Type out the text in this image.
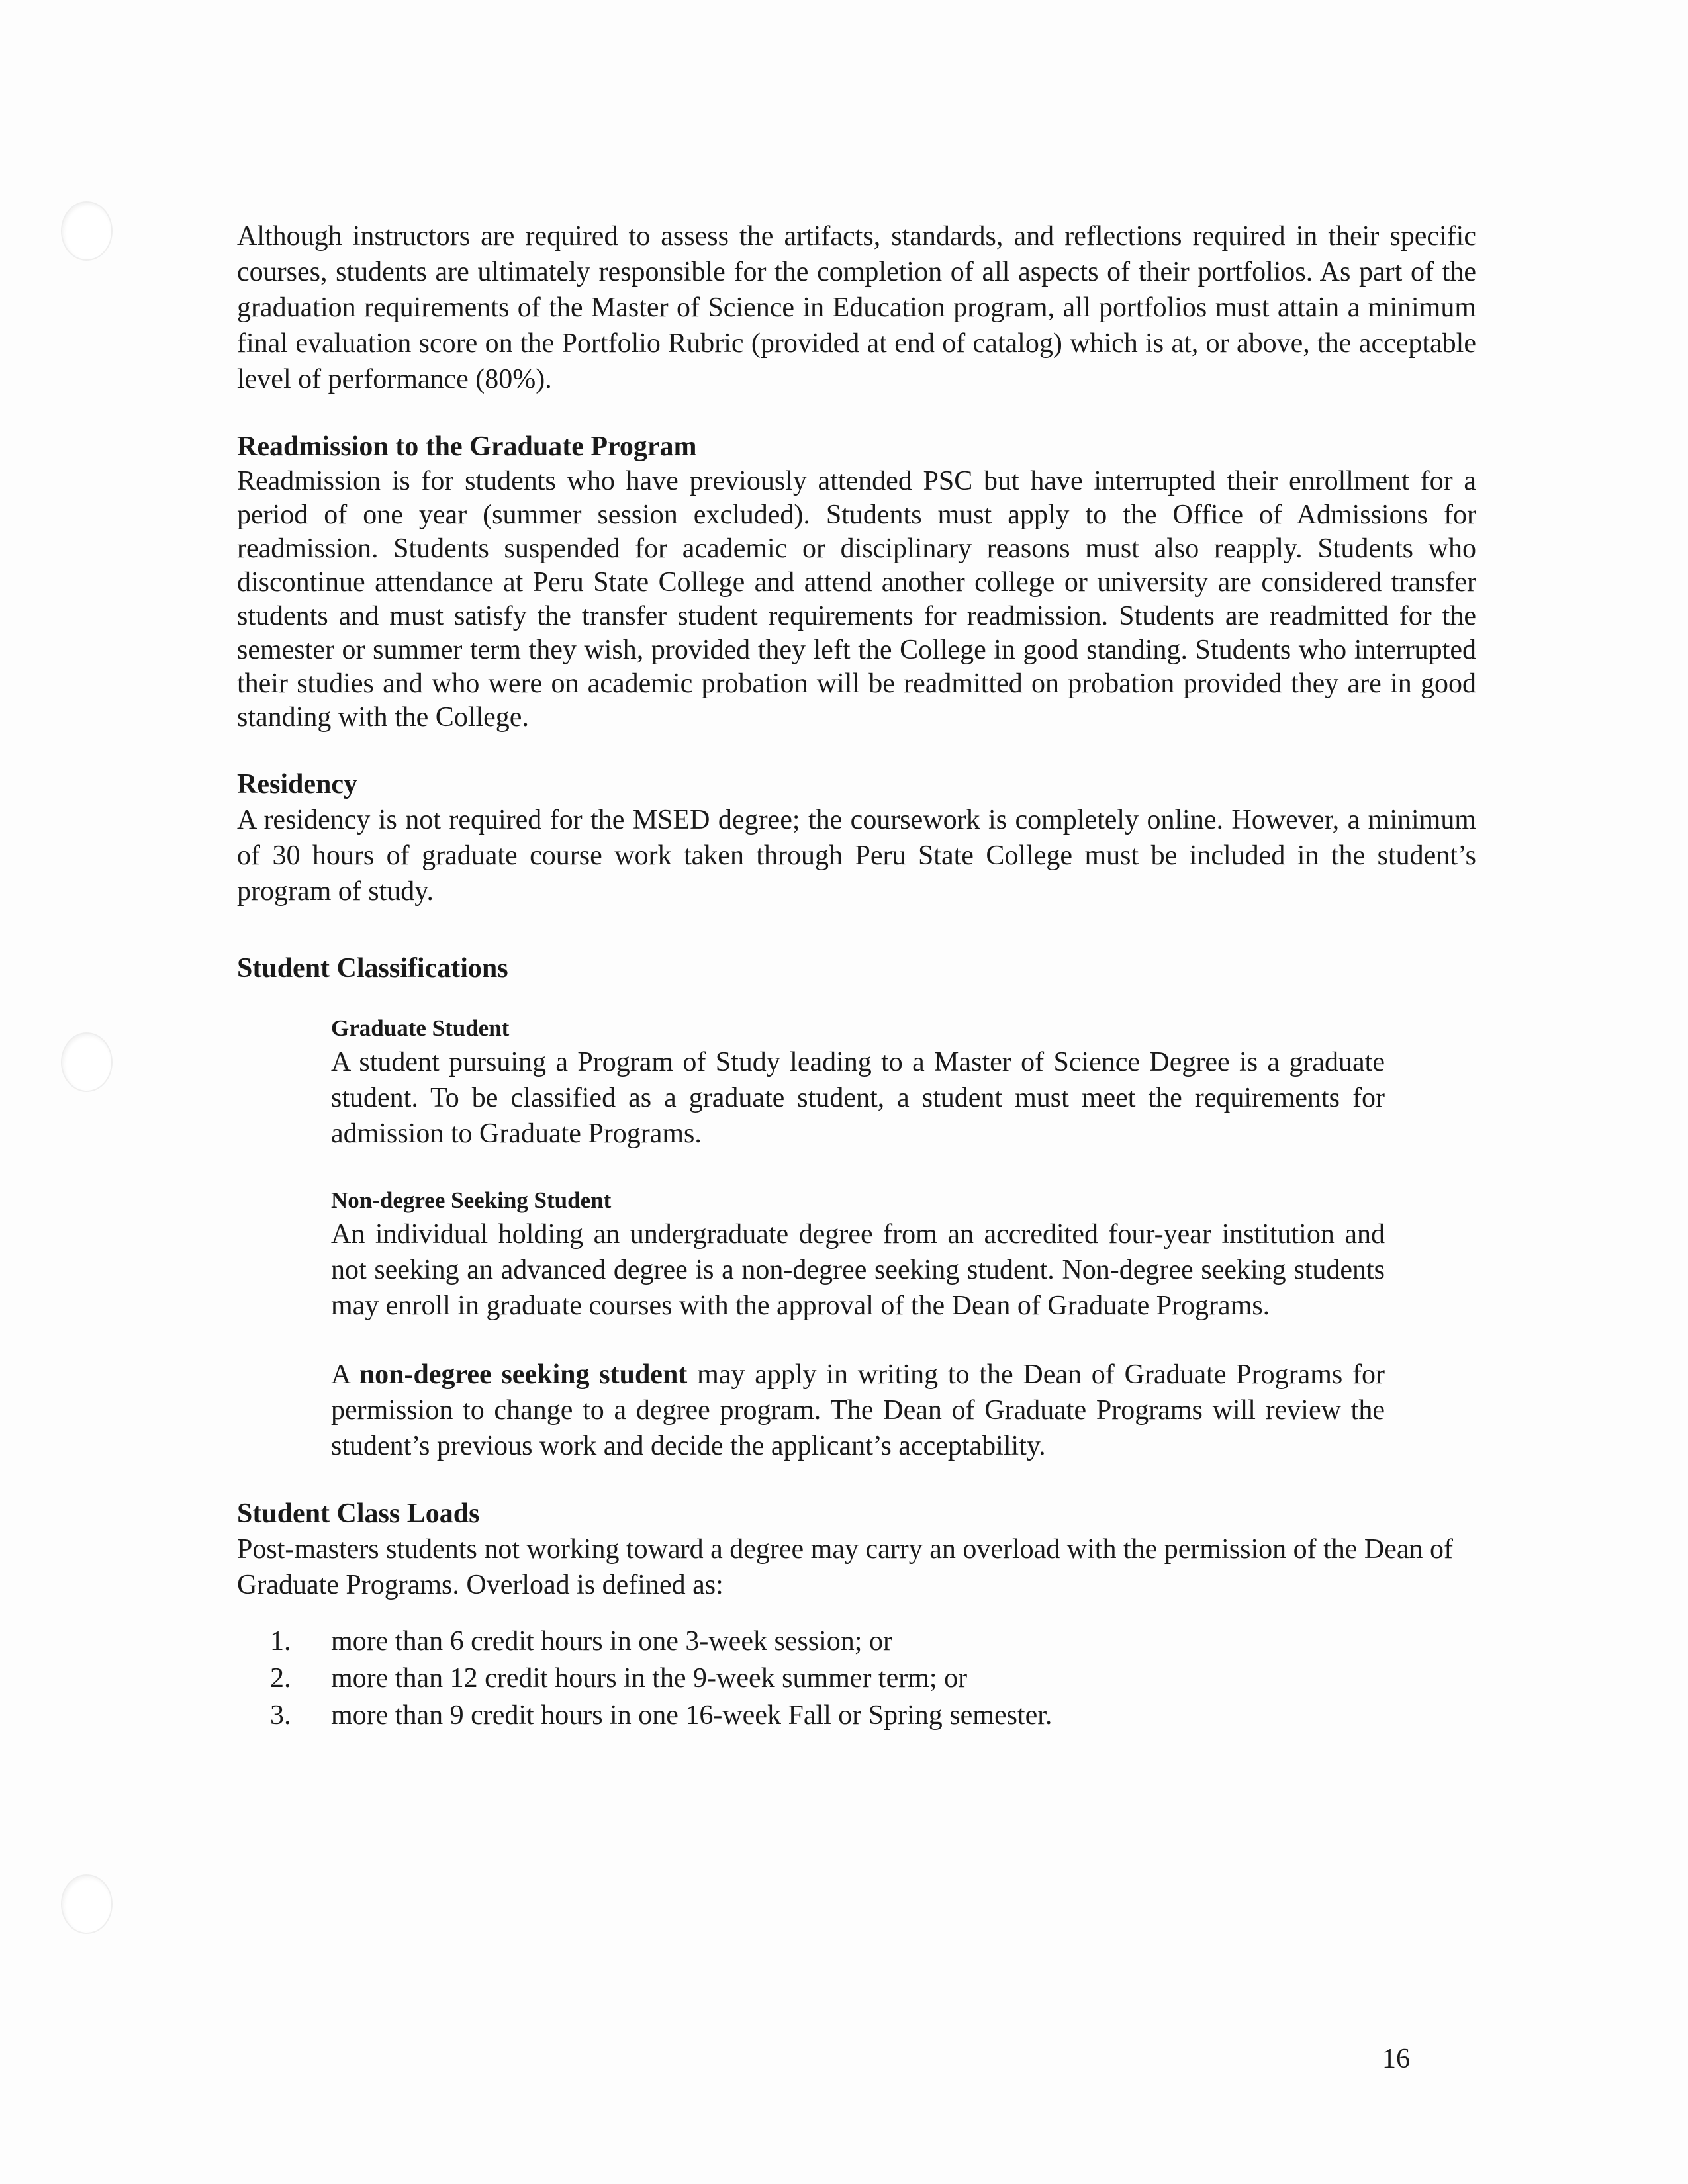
Although instructors are required to assess the artifacts, standards, and reflections required in their specific courses, students are ultimately responsible for the completion of all aspects of their portfolios. As part of the graduation requirements of the Master of Science in Education program, all portfolios must attain a minimum final evaluation score on the Portfolio Rubric (provided at end of catalog) which is at, or above, the acceptable level of performance (80%).

Readmission to the Graduate Program

Readmission is for students who have previously attended PSC but have interrupted their enrollment for a period of one year (summer session excluded). Students must apply to the Office of Admissions for readmission. Students suspended for academic or disciplinary reasons must also reapply. Students who discontinue attendance at Peru State College and attend another college or university are considered transfer students and must satisfy the transfer student requirements for readmission. Students are readmitted for the semester or summer term they wish, provided they left the College in good standing. Students who interrupted their studies and who were on academic probation will be readmitted on probation provided they are in good standing with the College.

Residency

A residency is not required for the MSED degree; the coursework is completely online. However, a minimum of 30 hours of graduate course work taken through Peru State College must be included in the student’s program of study.

Student Classifications

Graduate Student

A student pursuing a Program of Study leading to a Master of Science Degree is a graduate student. To be classified as a graduate student, a student must meet the requirements for admission to Graduate Programs.

Non-degree Seeking Student

An individual holding an undergraduate degree from an accredited four-year institution and not seeking an advanced degree is a non-degree seeking student. Non-degree seeking students may enroll in graduate courses with the approval of the Dean of Graduate Programs.

A non-degree seeking student may apply in writing to the Dean of Graduate Programs for permission to change to a degree program. The Dean of Graduate Programs will review the student’s previous work and decide the applicant’s acceptability.

Student Class Loads

Post-masters students not working toward a degree may carry an overload with the permission of the Dean of Graduate Programs. Overload is defined as:

1. more than 6 credit hours in one 3-week session; or
2. more than 12 credit hours in the 9-week summer term; or
3. more than 9 credit hours in one 16-week Fall or Spring semester.
16
